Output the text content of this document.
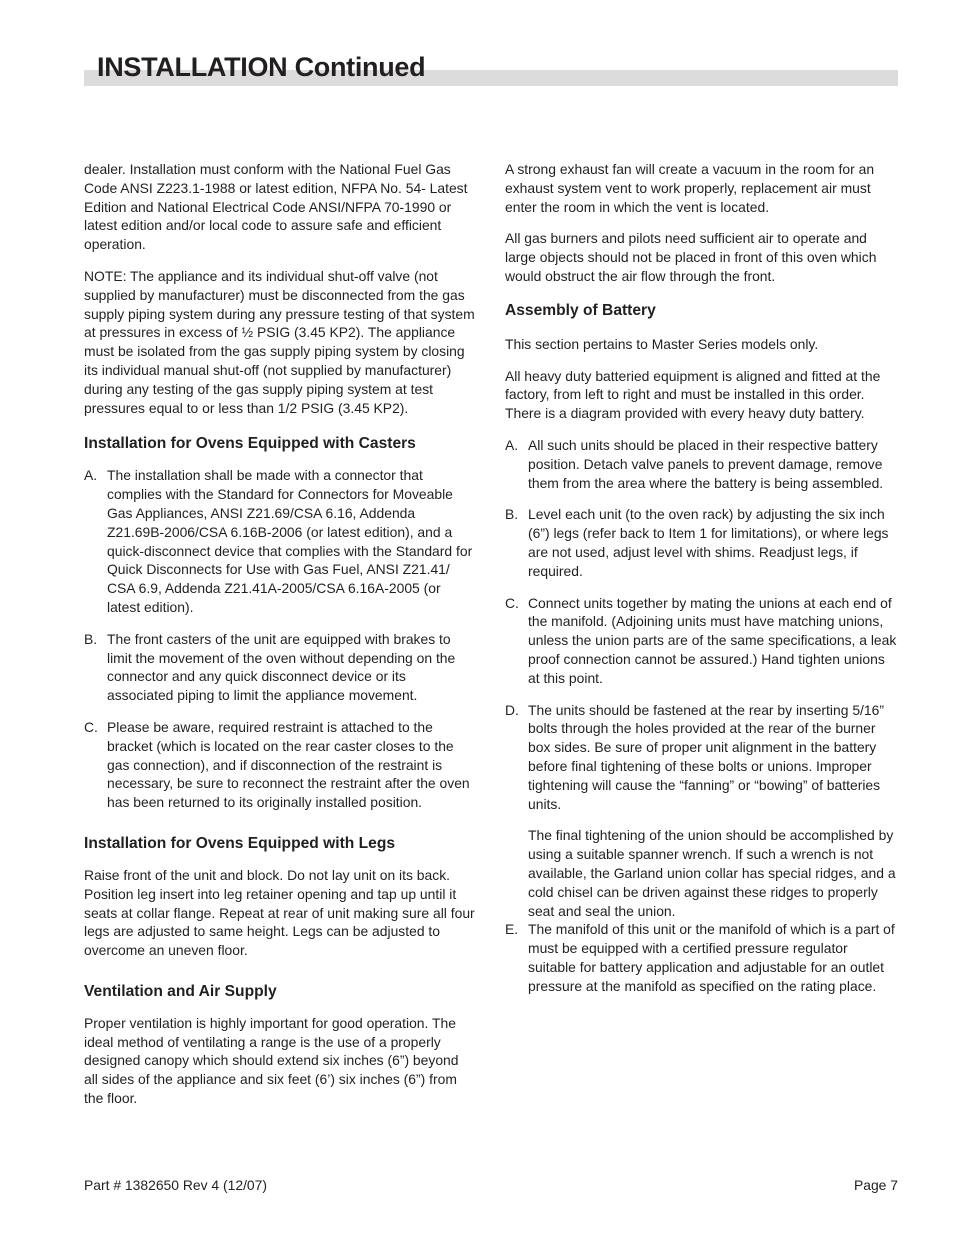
INSTALLATION Continued

dealer. Installation must conform with the National Fuel Gas Code ANSI Z223.1-1988 or latest edition, NFPA No. 54- Latest Edition and National Electrical Code ANSI/NFPA 70-1990 or latest edition and/or local code to assure safe and efficient operation.

NOTE: The appliance and its individual shut-off valve (not supplied by manufacturer) must be disconnected from the gas supply piping system during any pressure testing of that system at pressures in excess of ½ PSIG (3.45 KP2). The appliance must be isolated from the gas supply piping system by closing its individual manual shut-off (not supplied by manufacturer) during any testing of the gas supply piping system at test pressures equal to or less than 1/2 PSIG (3.45 KP2).

Installation for Ovens Equipped with Casters
A. The installation shall be made with a connector that complies with the Standard for Connectors for Moveable Gas Appliances, ANSI Z21.69/CSA 6.16, Addenda Z21.69B-2006/CSA 6.16B-2006 (or latest edition), and a quick-disconnect device that complies with the Standard for Quick Disconnects for Use with Gas Fuel, ANSI Z21.41/ CSA 6.9, Addenda Z21.41A-2005/CSA 6.16A-2005 (or latest edition).
B. The front casters of the unit are equipped with brakes to limit the movement of the oven without depending on the connector and any quick disconnect device or its associated piping to limit the appliance movement.
C. Please be aware, required restraint is attached to the bracket (which is located on the rear caster closes to the gas connection), and if disconnection of the restraint is necessary, be sure to reconnect the restraint after the oven has been returned to its originally installed position.
Installation for Ovens Equipped with Legs

Raise front of the unit and block. Do not lay unit on its back. Position leg insert into leg retainer opening and tap up until it seats at collar flange. Repeat at rear of unit making sure all four legs are adjusted to same height. Legs can be adjusted to overcome an uneven floor.

Ventilation and Air Supply

Proper ventilation is highly important for good operation. The ideal method of ventilating a range is the use of a properly designed canopy which should extend six inches (6”) beyond all sides of the appliance and six feet (6’) six inches (6”) from the floor.

A strong exhaust fan will create a vacuum in the room for an exhaust system vent to work properly, replacement air must enter the room in which the vent is located.

All gas burners and pilots need sufficient air to operate and large objects should not be placed in front of this oven which would obstruct the air flow through the front.

Assembly of Battery

This section pertains to Master Series models only.

All heavy duty batteried equipment is aligned and fitted at the factory, from left to right and must be installed in this order. There is a diagram provided with every heavy duty battery.

A. All such units should be placed in their respective battery position. Detach valve panels to prevent damage, remove them from the area where the battery is being assembled.
B. Level each unit (to the oven rack) by adjusting the six inch (6”) legs (refer back to Item 1 for limitations), or where legs are not used, adjust level with shims. Readjust legs, if required.
C. Connect units together by mating the unions at each end of the manifold. (Adjoining units must have matching unions, unless the union parts are of the same specifications, a leak proof connection cannot be assured.) Hand tighten unions at this point.
D. The units should be fastened at the rear by inserting 5/16” bolts through the holes provided at the rear of the burner box sides. Be sure of proper unit alignment in the battery before final tightening of these bolts or unions. Improper tightening will cause the “fanning” or “bowing” of batteries units.

The final tightening of the union should be accomplished by using a suitable spanner wrench. If such a wrench is not available, the Garland union collar has special ridges, and a cold chisel can be driven against these ridges to properly seat and seal the union.

E. The manifold of this unit or the manifold of which is a part of must be equipped with a certified pressure regulator suitable for battery application and adjustable for an outlet pressure at the manifold as specified on the rating place.
Part # 1382650 Rev 4 (12/07)	Page 7
